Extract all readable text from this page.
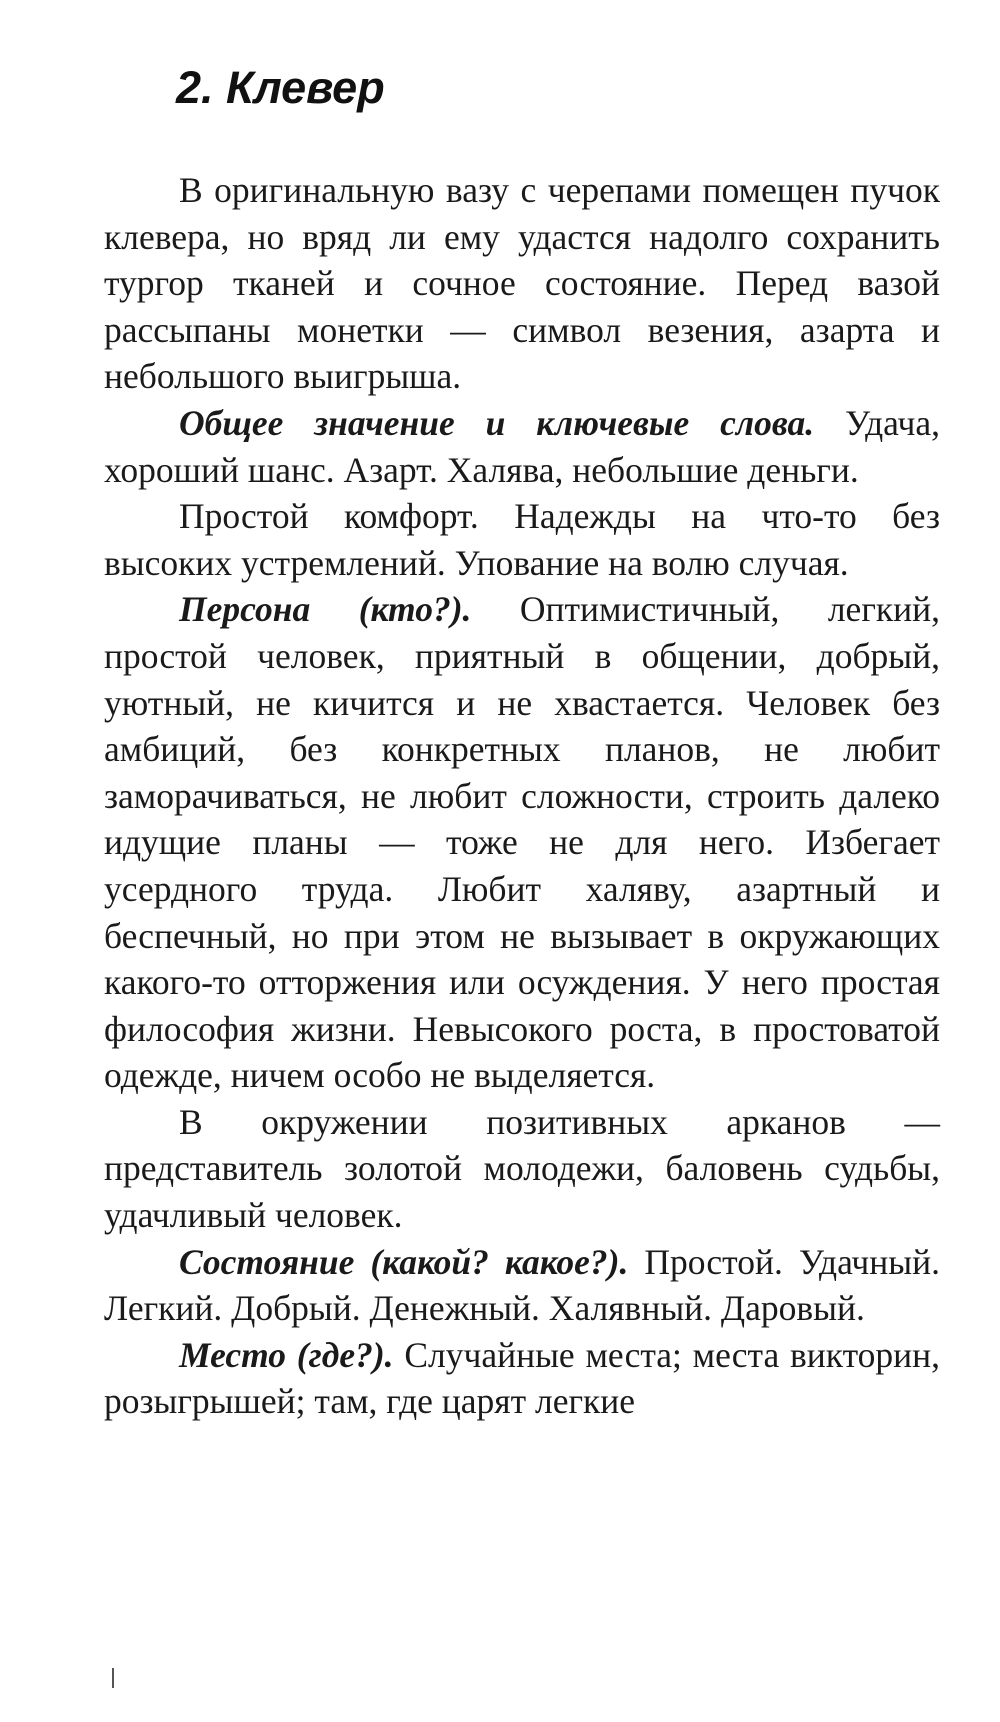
2. Клевер

В оригинальную вазу с черепами помещен пучок клевера, но вряд ли ему удастся надолго сохранить тургор тканей и сочное состояние. Перед вазой рассыпаны монетки — символ везения, азарта и небольшого выигрыша.

Общее значение и ключевые слова. Удача, хороший шанс. Азарт. Халява, небольшие деньги.

Простой комфорт. Надежды на что-то без высоких устремлений. Упование на волю случая.

Персона (кто?). Оптимистичный, легкий, простой человек, приятный в общении, добрый, уютный, не кичится и не хвастается. Человек без амбиций, без конкретных планов, не любит заморачиваться, не любит сложности, строить далеко идущие планы — тоже не для него. Избегает усердного труда. Любит халяву, азартный и беспечный, но при этом не вызывает в окружающих какого-то отторжения или осуждения. У него простая философия жизни. Невысокого роста, в простоватой одежде, ничем особо не выделяется.

В окружении позитивных арканов — представитель золотой молодежи, баловень судьбы, удачливый человек.

Состояние (какой? какое?). Простой. Удачный. Легкий. Добрый. Денежный. Халявный. Даровый.

Место (где?). Случайные места; места викторин, розыгрышей; там, где царят легкие
